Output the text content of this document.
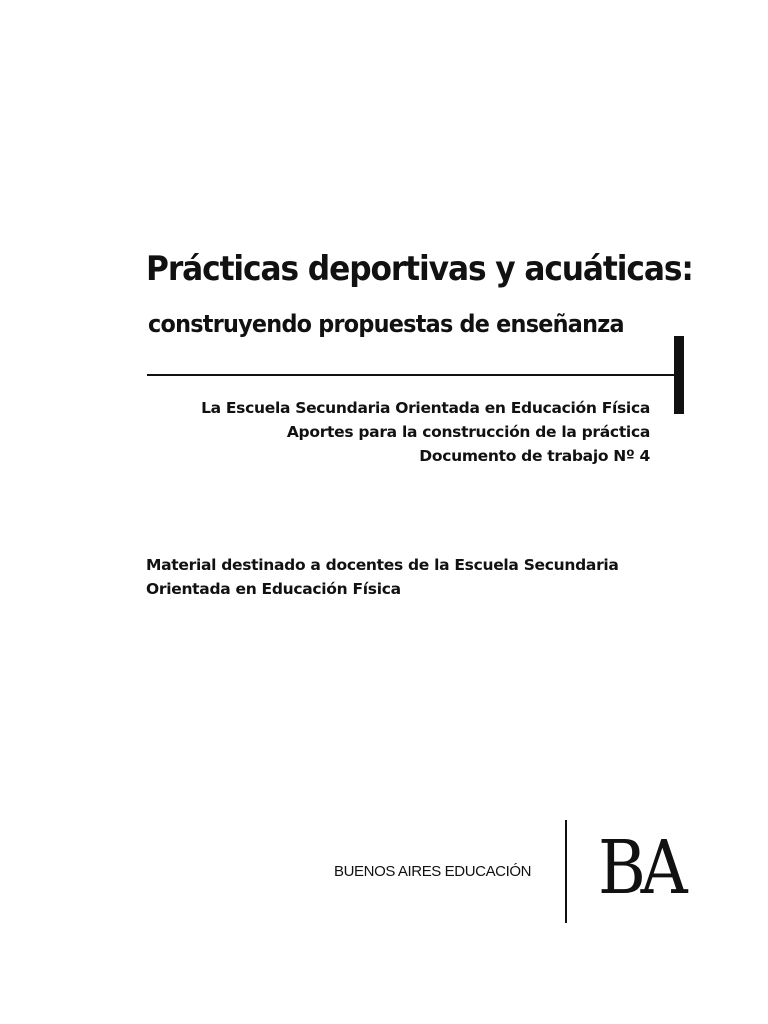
Prácticas deportivas y acuáticas:
construyendo propuestas de enseñanza
La Escuela Secundaria Orientada en Educación Física
Aportes para la construcción de la práctica
Documento de trabajo Nº 4
Material destinado a docentes de la Escuela Secundaria
Orientada en Educación Física
BUENOS AIRES EDUCACIÓN BA
